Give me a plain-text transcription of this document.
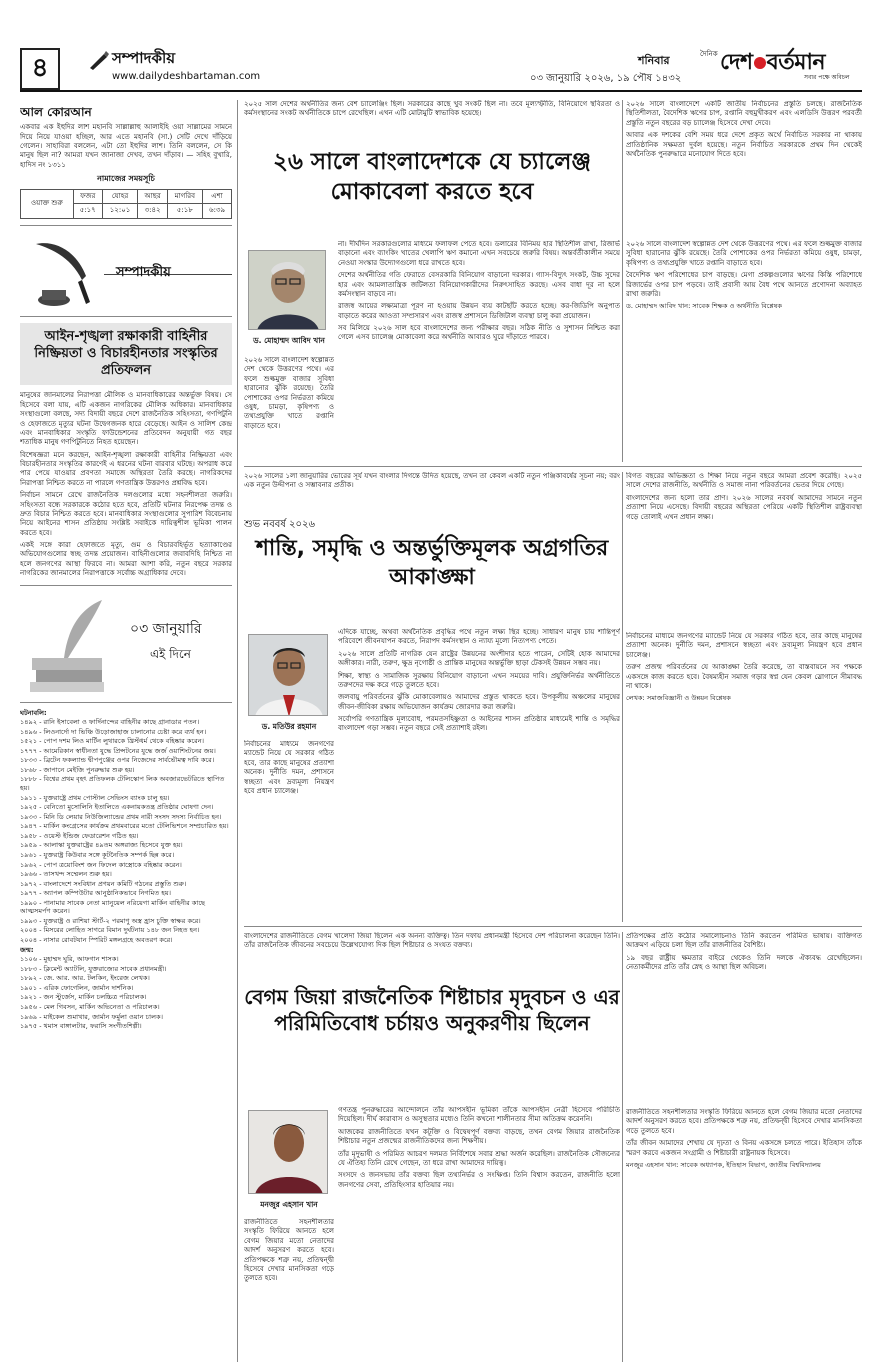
৪	সম্পাদকীয়
www.dailydeshbartaman.com
শনিবার	দৈনিক দেশ বর্তমান
সবার পক্ষে অবিচল
০৩ জানুয়ারি ২০২৬, ১৯ পৌষ ১৪৩২
আল কোরআন
একবার এক ইহুদির লাশ মহানবি সাল্লাল্লাহু আলাইহি ওয়া সাল্লামের সামনে দিয়ে নিয়ে যাওয়া হচ্ছিল, আর এতে মহানবি (সা.) সেটি দেখে দাঁড়িয়ে গেলেন। সাহাবিরা বললেন, এটা তো ইহুদির লাশ। তিনি বললেন, সে কি মানুষ ছিল না? আমরা যখন জানাজা দেখব, তখন দাঁড়াব। — সহিহ বুখারি, হাদিস নং ১৩১১
নামাজের সময়সূচি
ওয়াক্ত শুরু	ফজর	যোহর	আছর	মাগরিব	এশা
	৫:১৭	১২:০১	৩:৪২	৫:১৮	৬:৩৯
সম্পাদকীয়
আইন-শৃঙ্খলা রক্ষাকারী বাহিনীর নিষ্ক্রিয়তা ও বিচারহীনতার সংস্কৃতির প্রতিফলন
মানুষের জানমালের নিরাপত্তা মৌলিক ও মানবাধিকারের অন্তর্ভুক্ত বিষয়। সে হিসেবে বলা যায়, এটি একজন নাগরিকের মৌলিক অধিকার। মানবাধিকার সংস্থাগুলো বলছে, সদ্য বিদায়ী বছরে দেশে রাজনৈতিক সহিংসতা, গণপিটুনি ও হেফাজতে মৃত্যুর ঘটনা উদ্বেগজনক হারে বেড়েছে। আইন ও সালিশ কেন্দ্র এবং মানবাধিকার সংস্কৃতি ফাউন্ডেশনের প্রতিবেদন অনুযায়ী গত বছর শতাধিক মানুষ গণপিটুনিতে নিহত হয়েছেন।
বিশেষজ্ঞরা মনে করছেন, আইন-শৃঙ্খলা রক্ষাকারী বাহিনীর নিষ্ক্রিয়তা এবং বিচারহীনতার সংস্কৃতির কারণেই এ ধরনের ঘটনা বারবার ঘটছে। অপরাধ করে পার পেয়ে যাওয়ার প্রবণতা সমাজে অস্থিরতা তৈরি করছে। নাগরিকদের নিরাপত্তা নিশ্চিত করতে না পারলে গণতান্ত্রিক উত্তরণও প্রশ্নবিদ্ধ হবে।
নির্বাচন সামনে রেখে রাজনৈতিক দলগুলোর মধ্যে সহনশীলতা জরুরি। সহিংসতা বন্ধে সরকারকে কঠোর হতে হবে, প্রতিটি ঘটনার নিরপেক্ষ তদন্ত ও দ্রুত বিচার নিশ্চিত করতে হবে। মানবাধিকার সংস্থাগুলোর সুপারিশ বিবেচনায় নিয়ে আইনের শাসন প্রতিষ্ঠায় সংশ্লিষ্ট সবাইকে দায়িত্বশীল ভূমিকা পালন করতে হবে।
একই সঙ্গে কারা হেফাজতে মৃত্যু, গুম ও বিচারবহির্ভূত হত্যাকাণ্ডের অভিযোগগুলোর স্বচ্ছ তদন্ত প্রয়োজন। বাহিনীগুলোর জবাবদিহি নিশ্চিত না হলে জনগণের আস্থা ফিরবে না। আমরা আশা করি, নতুন বছরে সরকার নাগরিকের জানমালের নিরাপত্তাকে সর্বোচ্চ অগ্রাধিকার দেবে।
০৩ জানুয়ারি
এই দিনে
ঘটনাবলি:
১৪৯২ - রানি ইসাবেলা ও ফার্দিনান্দের বাহিনীর কাছে গ্রানাডার পতন।
১৪৯৬ - লিওনার্দো দা ভিঞ্চি উড়োজাহাজ চালানোর চেষ্টা করে ব্যর্থ হন।
১৫২১ - পোপ দশম লিও মার্টিন লুথারকে খ্রিস্টধর্ম থেকে বহিষ্কার করেন।
১৭৭৭ - আমেরিকান স্বাধীনতা যুদ্ধে প্রিন্সটনের যুদ্ধে জর্জ ওয়াশিংটনের জয়।
১৮৩৩ - ব্রিটেন ফকল্যান্ড দ্বীপপুঞ্জের ওপর নিজেদের সার্বভৌমত্ব দাবি করে।
১৮৬৮ - জাপানে মেইজি পুনরুদ্ধার শুরু হয়।
১৮৮৮ - বিশ্বের প্রথম বৃহৎ প্রতিফলক টেলিস্কোপ লিক অবজারভেটরিতে স্থাপিত হয়।
১৯১১ - যুক্তরাষ্ট্রে প্রথম পোস্টাল সেভিংস ব্যাংক চালু হয়।
১৯২৫ - বেনিতো মুসোলিনি ইতালিতে একনায়কতন্ত্র প্রতিষ্ঠার ঘোষণা দেন।
১৯৩৩ - মিনি ডি লেয়ার নিউজিল্যান্ডের প্রথম নারী সংসদ সদস্য নির্বাচিত হন।
১৯৪৭ - মার্কিন কংগ্রেসের কার্যক্রম প্রথমবারের মতো টেলিভিশনে সম্প্রচারিত হয়।
১৯৫৮ - ওয়েস্ট ইন্ডিজ ফেডারেশন গঠিত হয়।
১৯৫৯ - আলাস্কা যুক্তরাষ্ট্রের ৪৯তম অঙ্গরাজ্য হিসেবে যুক্ত হয়।
১৯৬১ - যুক্তরাষ্ট্র কিউবার সঙ্গে কূটনৈতিক সম্পর্ক ছিন্ন করে।
১৯৬২ - পোপ ত্রয়োবিংশ জন ফিদেল কাস্ত্রোকে বহিষ্কার করেন।
১৯৬৬ - তাসখন্দ সম্মেলন শুরু হয়।
১৯৭২ - বাংলাদেশে সংবিধান প্রণয়ন কমিটি গঠনের প্রস্তুতি শুরু।
১৯৭৭ - অ্যাপল কম্পিউটার আনুষ্ঠানিকভাবে নিগমিত হয়।
১৯৯০ - পানামার সাবেক নেতা ম্যানুয়েল নরিয়েগা মার্কিন বাহিনীর কাছে আত্মসমর্পণ করেন।
১৯৯৩ - যুক্তরাষ্ট্র ও রাশিয়া স্টার্ট-২ পরমাণু অস্ত্র হ্রাস চুক্তি স্বাক্ষর করে।
২০০৪ - মিসরের লোহিত সাগরে বিমান দুর্ঘটনায় ১৪৮ জন নিহত হন।
২০০৪ - নাসার রোবটযান স্পিরিট মঙ্গলগ্রহে অবতরণ করে।
জন্ম:
১১০৬ - মুহাম্মদ ঘুরি, আফগান শাসক।
১৮৮৩ - ক্লিমেন্ট অ্যাটলি, যুক্তরাজ্যের সাবেক প্রধানমন্ত্রী।
১৮৯২ - জে. আর. আর. টলকিন, ইংরেজ লেখক।
১৯০১ - এরিক ফোগেলিন, জার্মান দার্শনিক।
১৯২১ - জন স্টুর্জেস, মার্কিন চলচ্চিত্র পরিচালক।
১৯৫৬ - মেল গিবসন, মার্কিন অভিনেতা ও পরিচালক।
১৯৬৯ - মাইকেল শুমাখার, জার্মান ফর্মুলা ওয়ান চালক।
১৯৭৫ - থমাস বাঙ্গালটার, ফরাসি সংগীতশিল্পী।
২০২৫ সাল দেশের অর্থনীতির জন্য বেশ চ্যালেঞ্জিং ছিল। সরকারের কাছে খুব সংকট ছিল না। তবে মূল্যস্ফীতি, বিনিয়োগে স্থবিরতা ও কর্মসংস্থানের সংকট অর্থনীতিকে চাপে রেখেছিল। এখন এটি মোটামুটি স্বাভাবিক হয়েছে।
২৬ সালে বাংলাদেশকে যে চ্যালেঞ্জ মোকাবেলা করতে হবে
২০২৬ সালে বাংলাদেশে একটি জাতীয় নির্বাচনের প্রস্তুতি চলছে। রাজনৈতিক স্থিতিশীলতা, বৈদেশিক ঋণের চাপ, রপ্তানি বহুমুখীকরণ এবং এলডিসি উত্তরণ পরবর্তী প্রস্তুতি নতুন বছরের বড় চ্যালেঞ্জ হিসেবে দেখা দেবে।
আবার এক দশকের বেশি সময় ধরে দেশে প্রকৃত অর্থে নির্বাচিত সরকার না থাকায় প্রাতিষ্ঠানিক সক্ষমতা দুর্বল হয়েছে। নতুন নির্বাচিত সরকারকে প্রথম দিন থেকেই অর্থনৈতিক পুনরুদ্ধারে মনোযোগ দিতে হবে।
ড. মোহাম্মদ আবিদ খান
না। দীর্ঘদিন সরকারগুলোর মাধ্যমে ফলাফল পেতে হবে। ডলারের বিনিময় হার স্থিতিশীল রাখা, রিজার্ভ বাড়ানো এবং ব্যাংকিং খাতের খেলাপি ঋণ কমানো এখন সবচেয়ে জরুরি বিষয়। অন্তর্বর্তীকালীন সময়ে নেওয়া সংস্কার উদ্যোগগুলো ধরে রাখতে হবে।
দেশের অর্থনীতির গতি ফেরাতে বেসরকারি বিনিয়োগ বাড়ানো দরকার। গ্যাস-বিদ্যুৎ সংকট, উচ্চ সুদের হার এবং আমলাতান্ত্রিক জটিলতা বিনিয়োগকারীদের নিরুৎসাহিত করছে। এসব বাধা দূর না হলে কর্মসংস্থান বাড়বে না।
রাজস্ব আয়ের লক্ষ্যমাত্রা পূরণ না হওয়ায় উন্নয়ন ব্যয় কাটছাঁট করতে হচ্ছে। কর-জিডিপি অনুপাত বাড়াতে করের আওতা সম্প্রসারণ এবং রাজস্ব প্রশাসনে ডিজিটাল ব্যবস্থা চালু করা প্রয়োজন।
সব মিলিয়ে ২০২৬ সাল হবে বাংলাদেশের জন্য পরীক্ষার বছর। সঠিক নীতি ও সুশাসন নিশ্চিত করা গেলে এসব চ্যালেঞ্জ মোকাবেলা করে অর্থনীতি আবারও ঘুরে দাঁড়াতে পারবে।
২০২৬ সালে বাংলাদেশ স্বল্পোন্নত দেশ থেকে উত্তরণের পথে। এর ফলে শুল্কমুক্ত বাজার সুবিধা হারানোর ঝুঁকি রয়েছে। তৈরি পোশাকের ওপর নির্ভরতা কমিয়ে ওষুধ, চামড়া, কৃষিপণ্য ও তথ্যপ্রযুক্তি খাতে রপ্তানি বাড়াতে হবে।
২০২৬ সালে বাংলাদেশ স্বল্পোন্নত দেশ থেকে উত্তরণের পথে। এর ফলে শুল্কমুক্ত বাজার সুবিধা হারানোর ঝুঁকি রয়েছে। তৈরি পোশাকের ওপর নির্ভরতা কমিয়ে ওষুধ, চামড়া, কৃষিপণ্য ও তথ্যপ্রযুক্তি খাতে রপ্তানি বাড়াতে হবে।
বৈদেশিক ঋণ পরিশোধের চাপ বাড়ছে। মেগা প্রকল্পগুলোর ঋণের কিস্তি পরিশোধে রিজার্ভের ওপর চাপ পড়বে। তাই প্রবাসী আয় বৈধ পথে আনতে প্রণোদনা অব্যাহত রাখা জরুরি।
ড. মোহাম্মদ আবিদ খান: সাবেক শিক্ষক ও অর্থনীতি বিশ্লেষক
২০২৬ সালের ১লা জানুয়ারির ভোরের সূর্য যখন বাংলার দিগন্তে উদিত হয়েছে, তখন তা কেবল একটি নতুন পঞ্জিকাবর্ষের সূচনা নয়; বরং এক নতুন উদ্দীপনা ও সম্ভাবনার প্রতীক।
শুভ নববর্ষ ২০২৬
শান্তি, সমৃদ্ধি ও অন্তর্ভুক্তিমূলক অগ্রগতির আকাঙ্ক্ষা
বিগত বছরের অভিজ্ঞতা ও শিক্ষা নিয়ে নতুন বছরে আমরা প্রবেশ করেছি। ২০২৫ সালে দেশের রাজনীতি, অর্থনীতি ও সমাজ নানা পরিবর্তনের ভেতর দিয়ে গেছে।
বাংলাদেশের জন্য হলো তার প্রাণ। ২০২৬ সালের নববর্ষ আমাদের সামনে নতুন প্রত্যাশা নিয়ে এসেছে। বিদায়ী বছরের অস্থিরতা পেরিয়ে একটি স্থিতিশীল রাষ্ট্রব্যবস্থা গড়ে তোলাই এখন প্রধান লক্ষ্য।
ড. মতিউর রহমান
এদিকে যাচ্ছে, অথবা অর্থনৈতিক প্রবৃদ্ধির পথে নতুন লক্ষ্য স্থির হচ্ছে। সাধারণ মানুষ চায় শান্তিপূর্ণ পরিবেশে জীবনযাপন করতে, নিরাপদ কর্মসংস্থান ও ন্যায্য মূল্যে নিত্যপণ্য পেতে।
২০২৬ সালে প্রতিটি নাগরিক যেন রাষ্ট্রের উন্নয়নের অংশীদার হতে পারেন, সেটিই হোক আমাদের অঙ্গীকার। নারী, তরুণ, ক্ষুদ্র নৃগোষ্ঠী ও প্রান্তিক মানুষের অন্তর্ভুক্তি ছাড়া টেকসই উন্নয়ন সম্ভব নয়।
শিক্ষা, স্বাস্থ্য ও সামাজিক সুরক্ষায় বিনিয়োগ বাড়ানো এখন সময়ের দাবি। প্রযুক্তিনির্ভর অর্থনীতিতে তরুণদের দক্ষ করে গড়ে তুলতে হবে।
জলবায়ু পরিবর্তনের ঝুঁকি মোকাবেলায়ও আমাদের প্রস্তুত থাকতে হবে। উপকূলীয় অঞ্চলের মানুষের জীবন-জীবিকা রক্ষায় অভিযোজন কার্যক্রম জোরদার করা জরুরি।
সর্বোপরি গণতান্ত্রিক মূল্যবোধ, পরমতসহিষ্ণুতা ও আইনের শাসন প্রতিষ্ঠার মাধ্যমেই শান্তি ও সমৃদ্ধির বাংলাদেশ গড়া সম্ভব। নতুন বছরে সেই প্রত্যাশাই রইল।
নির্বাচনের মাধ্যমে জনগণের ম্যান্ডেট নিয়ে যে সরকার গঠিত হবে, তার কাছে মানুষের প্রত্যাশা অনেক। দুর্নীতি দমন, প্রশাসনে স্বচ্ছতা এবং দ্রব্যমূল্য নিয়ন্ত্রণ হবে প্রধান চ্যালেঞ্জ।
নির্বাচনের মাধ্যমে জনগণের ম্যান্ডেট নিয়ে যে সরকার গঠিত হবে, তার কাছে মানুষের প্রত্যাশা অনেক। দুর্নীতি দমন, প্রশাসনে স্বচ্ছতা এবং দ্রব্যমূল্য নিয়ন্ত্রণ হবে প্রধান চ্যালেঞ্জ।
তরুণ প্রজন্ম পরিবর্তনের যে আকাঙ্ক্ষা তৈরি করেছে, তা বাস্তবায়নে সব পক্ষকে একসঙ্গে কাজ করতে হবে। বৈষম্যহীন সমাজ গড়ার স্বপ্ন যেন কেবল স্লোগানে সীমাবদ্ধ না থাকে।
লেখক: সমাজবিজ্ঞানী ও উন্নয়ন বিশ্লেষক
বাংলাদেশের রাজনীতিতে বেগম খালেদা জিয়া ছিলেন এক অনন্য ব্যক্তিত্ব। তিন দফায় প্রধানমন্ত্রী হিসেবে দেশ পরিচালনা করেছেন তিনি। তাঁর রাজনৈতিক জীবনের সবচেয়ে উল্লেখযোগ্য দিক ছিল শিষ্টাচার ও সংযত বক্তব্য।
বেগম জিয়া রাজনৈতিক শিষ্টাচার মৃদুবচন ও এর পরিমিতিবোধ চর্চায়ও অনুকরণীয় ছিলেন
প্রতিপক্ষের প্রতি কঠোর সমালোচনাও তিনি করতেন পরিমিত ভাষায়। ব্যক্তিগত আক্রমণ এড়িয়ে চলা ছিল তাঁর রাজনীতির বৈশিষ্ট্য।
১৯ বছর রাষ্ট্রীয় ক্ষমতার বাইরে থেকেও তিনি দলকে ঐক্যবদ্ধ রেখেছিলেন। নেতাকর্মীদের প্রতি তাঁর স্নেহ ও আস্থা ছিল অবিচল।
মনজুর এহসান খান
গণতন্ত্র পুনরুদ্ধারের আন্দোলনে তাঁর আপসহীন ভূমিকা তাঁকে আপসহীন নেত্রী হিসেবে পরিচিতি দিয়েছিল। দীর্ঘ কারাবাস ও অসুস্থতার মধ্যেও তিনি কখনো শালীনতার সীমা অতিক্রম করেননি।
আজকের রাজনীতিতে যখন কটূক্তি ও বিদ্বেষপূর্ণ বক্তব্য বাড়ছে, তখন বেগম জিয়ার রাজনৈতিক শিষ্টাচার নতুন প্রজন্মের রাজনীতিকদের জন্য শিক্ষণীয়।
তাঁর মৃদুভাষী ও পরিমিত আচরণ দলমত নির্বিশেষে সবার শ্রদ্ধা অর্জন করেছিল। রাজনৈতিক সৌজন্যের যে ঐতিহ্য তিনি রেখে গেছেন, তা ধরে রাখা আমাদের দায়িত্ব।
সংসদে ও জনসভায় তাঁর বক্তব্য ছিল তথ্যনির্ভর ও সংক্ষিপ্ত। তিনি বিশ্বাস করতেন, রাজনীতি হলো জনগণের সেবা, প্রতিহিংসার হাতিয়ার নয়।
রাজনীতিতে সহনশীলতার সংস্কৃতি ফিরিয়ে আনতে হলে বেগম জিয়ার মতো নেতাদের আদর্শ অনুসরণ করতে হবে। প্রতিপক্ষকে শত্রু নয়, প্রতিদ্বন্দ্বী হিসেবে দেখার মানসিকতা গড়ে তুলতে হবে।
রাজনীতিতে সহনশীলতার সংস্কৃতি ফিরিয়ে আনতে হলে বেগম জিয়ার মতো নেতাদের আদর্শ অনুসরণ করতে হবে। প্রতিপক্ষকে শত্রু নয়, প্রতিদ্বন্দ্বী হিসেবে দেখার মানসিকতা গড়ে তুলতে হবে।
তাঁর জীবন আমাদের শেখায় যে দৃঢ়তা ও বিনয় একসঙ্গে চলতে পারে। ইতিহাস তাঁকে স্মরণ করবে একজন সংগ্রামী ও শিষ্টাচারী রাষ্ট্রনায়ক হিসেবে।
মনজুর এহসান খান: সাবেক অধ্যাপক, ইতিহাস বিভাগ, জাতীয় বিশ্ববিদ্যালয়
